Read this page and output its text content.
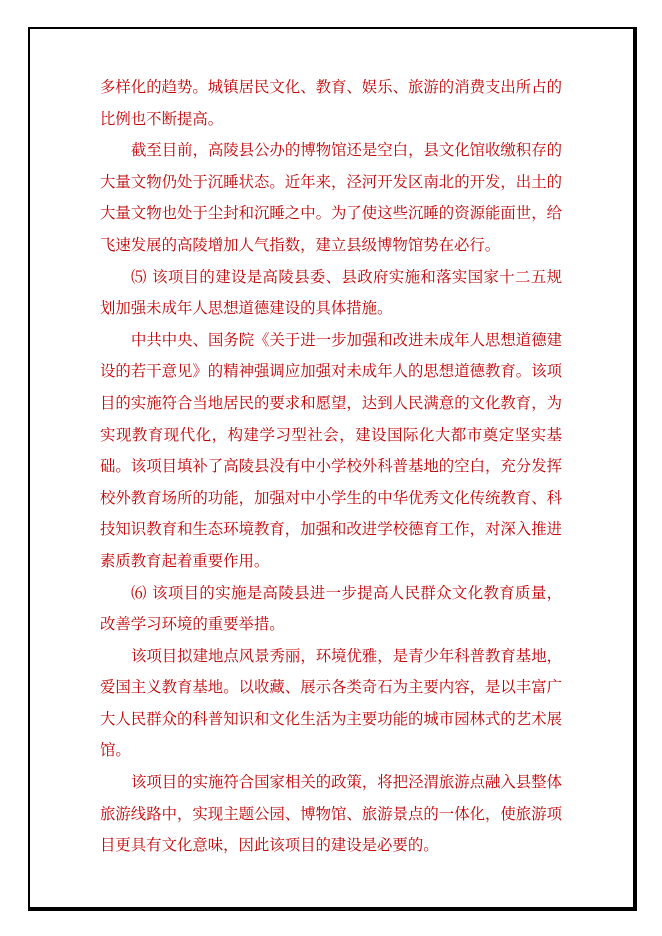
多样化的趋势。城镇居民文化、教育、娱乐、旅游的消费支出所占的比例也不断提高。

截至目前，高陵县公办的博物馆还是空白，县文化馆收缴积存的大量文物仍处于沉睡状态。近年来，泾河开发区南北的开发，出土的大量文物也处于尘封和沉睡之中。为了使这些沉睡的资源能面世，给飞速发展的高陵增加人气指数，建立县级博物馆势在必行。

⑸ 该项目的建设是高陵县委、县政府实施和落实国家十二五规划加强未成年人思想道德建设的具体措施。

中共中央、国务院《关于进一步加强和改进未成年人思想道德建设的若干意见》的精神强调应加强对未成年人的思想道德教育。该项目的实施符合当地居民的要求和愿望，达到人民满意的文化教育，为实现教育现代化，构建学习型社会，建设国际化大都市奠定坚实基础。该项目填补了高陵县没有中小学校外科普基地的空白，充分发挥校外教育场所的功能，加强对中小学生的中华优秀文化传统教育、科技知识教育和生态环境教育，加强和改进学校德育工作，对深入推进素质教育起着重要作用。

⑹ 该项目的实施是高陵县进一步提高人民群众文化教育质量，改善学习环境的重要举措。

该项目拟建地点风景秀丽，环境优雅，是青少年科普教育基地，爱国主义教育基地。以收藏、展示各类奇石为主要内容，是以丰富广大人民群众的科普知识和文化生活为主要功能的城市园林式的艺术展馆。

该项目的实施符合国家相关的政策，将把泾渭旅游点融入县整体旅游线路中，实现主题公园、博物馆、旅游景点的一体化，使旅游项目更具有文化意味，因此该项目的建设是必要的。
